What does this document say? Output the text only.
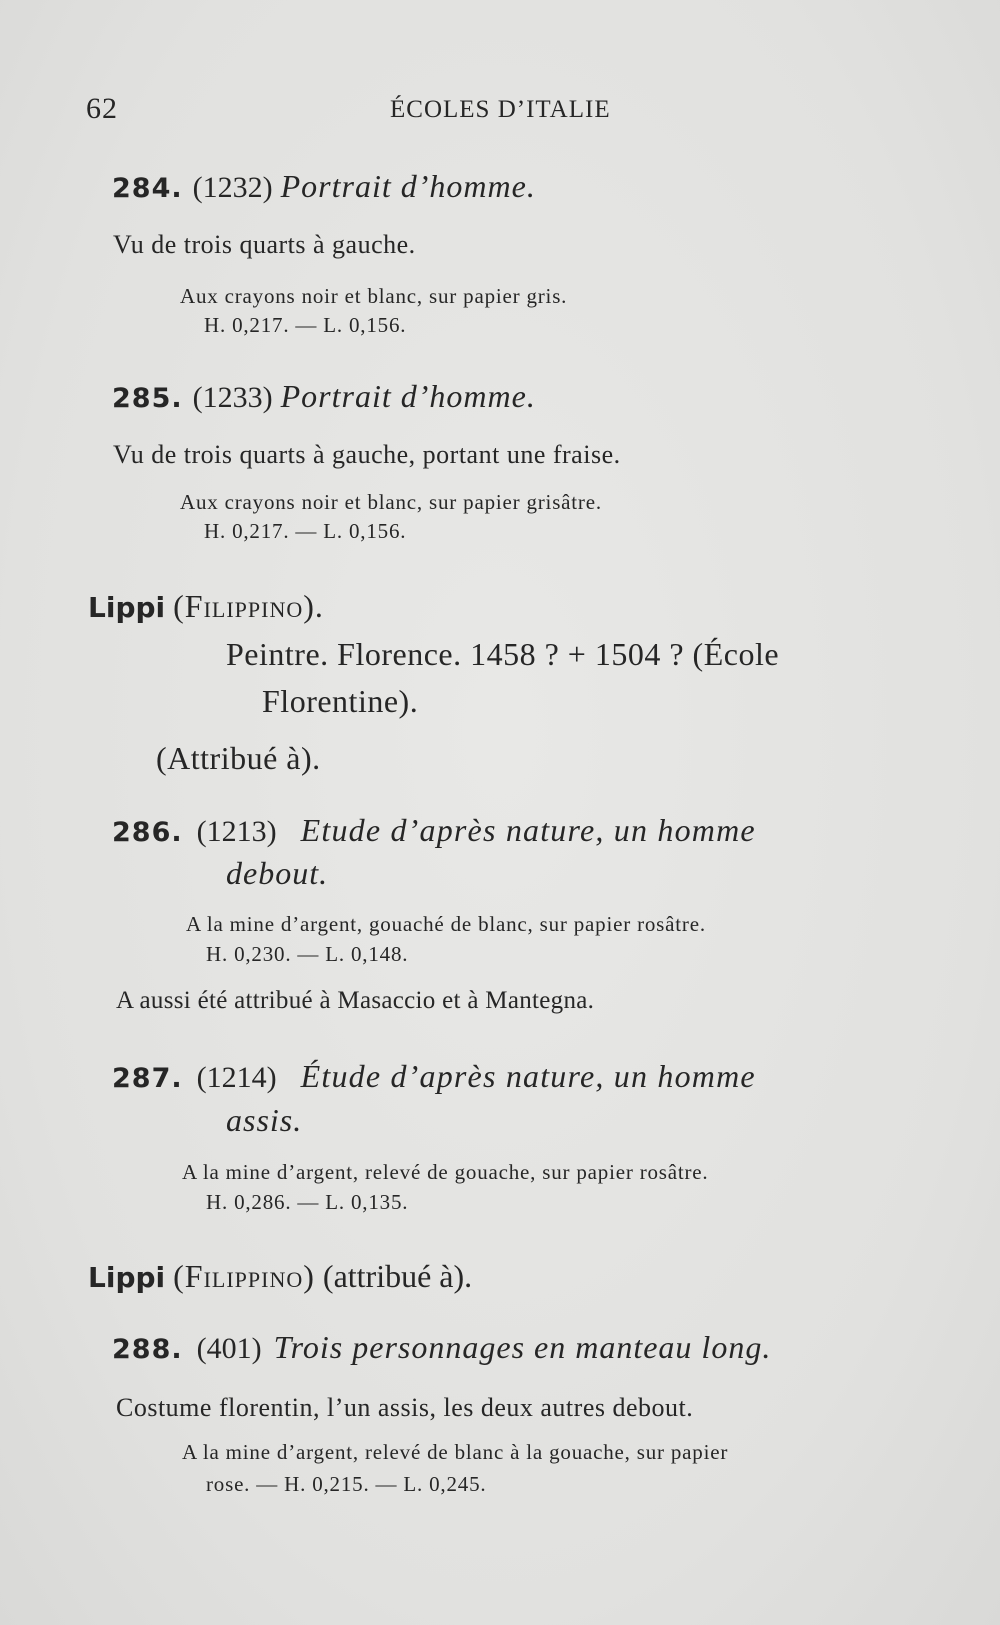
62	ÉCOLES D’ITALIE
284. (1232) Portrait d’homme.
Vu de trois quarts à gauche.
Aux crayons noir et blanc, sur papier gris.
H. 0,217. — L. 0,156.
285. (1233) Portrait d’homme.
Vu de trois quarts à gauche, portant une fraise.
Aux crayons noir et blanc, sur papier grisâtre.
H. 0,217. — L. 0,156.
Lippi (Filippino).
Peintre. Florence. 1458 ? + 1504 ? (École
Florentine).
(Attribué à).
286. (1213) Etude d’après nature, un homme
debout.
A la mine d’argent, gouaché de blanc, sur papier rosâtre.
H. 0,230. — L. 0,148.
A aussi été attribué à Masaccio et à Mantegna.
287. (1214) Étude d’après nature, un homme
assis.
A la mine d’argent, relevé de gouache, sur papier rosâtre.
H. 0,286. — L. 0,135.
Lippi (Filippino) (attribué à).
288. (401) Trois personnages en manteau long.
Costume florentin, l’un assis, les deux autres debout.
A la mine d’argent, relevé de blanc à la gouache, sur papier
rose. — H. 0,215. — L. 0,245.
